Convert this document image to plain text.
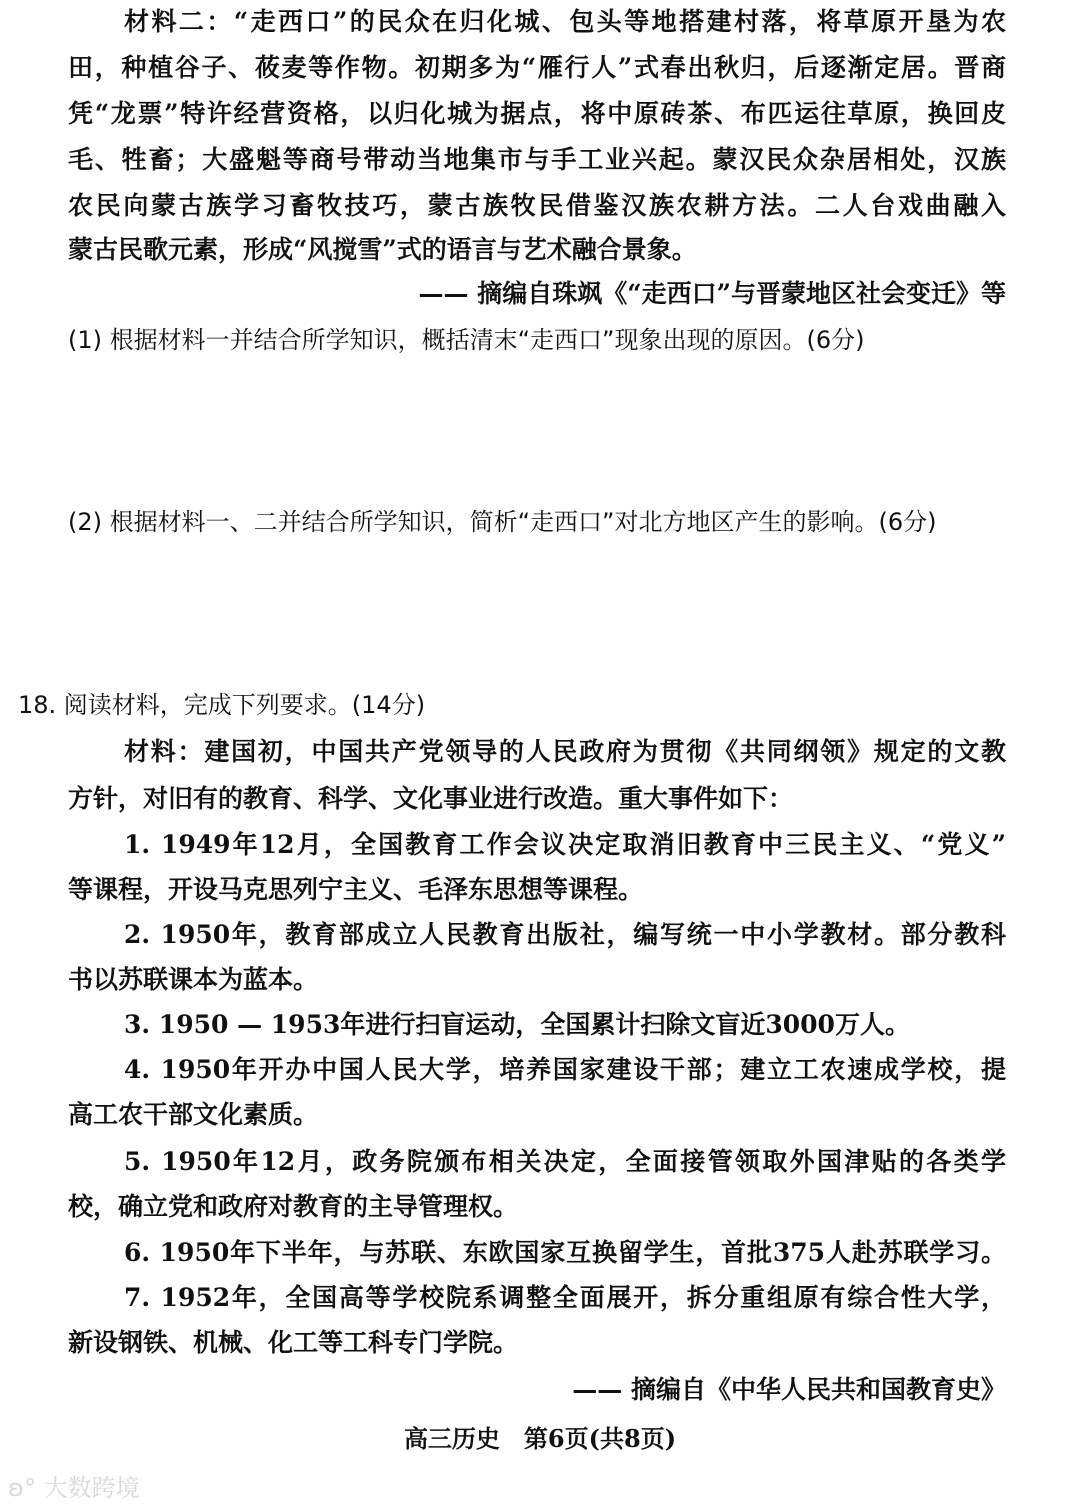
材料二：“走西口”的民众在归化城、包头等地搭建村落，将草原开垦为农
田，种植谷子、莜麦等作物。初期多为“雁行人”式春出秋归，后逐渐定居。晋商
凭“龙票”特许经营资格，以归化城为据点，将中原砖茶、布匹运往草原，换回皮
毛、牲畜；大盛魁等商号带动当地集市与手工业兴起。蒙汉民众杂居相处，汉族
农民向蒙古族学习畜牧技巧，蒙古族牧民借鉴汉族农耕方法。二人台戏曲融入
蒙古民歌元素，形成“风搅雪”式的语言与艺术融合景象。
—— 摘编自珠飒《“走西口”与晋蒙地区社会变迁》等
(1) 根据材料一并结合所学知识，概括清末“走西口”现象出现的原因。(6分)
(2) 根据材料一、二并结合所学知识，简析“走西口”对北方地区产生的影响。(6分)
18. 阅读材料，完成下列要求。(14分)
材料：建国初，中国共产党领导的人民政府为贯彻《共同纲领》规定的文教
方针，对旧有的教育、科学、文化事业进行改造。重大事件如下：
1. 1949年12月，全国教育工作会议决定取消旧教育中三民主义、“党义”
等课程，开设马克思列宁主义、毛泽东思想等课程。
2. 1950年，教育部成立人民教育出版社，编写统一中小学教材。部分教科
书以苏联课本为蓝本。
3. 1950 — 1953年进行扫盲运动，全国累计扫除文盲近3000万人。
4. 1950年开办中国人民大学，培养国家建设干部；建立工农速成学校，提
高工农干部文化素质。
5. 1950年12月，政务院颁布相关决定，全面接管领取外国津贴的各类学
校，确立党和政府对教育的主导管理权。
6. 1950年下半年，与苏联、东欧国家互换留学生，首批375人赴苏联学习。
7. 1952年，全国高等学校院系调整全面展开，拆分重组原有综合性大学，
新设钢铁、机械、化工等工科专门学院。
—— 摘编自《中华人民共和国教育史》
高三历史　第6页(共8页)
ʚ° 大数跨境
